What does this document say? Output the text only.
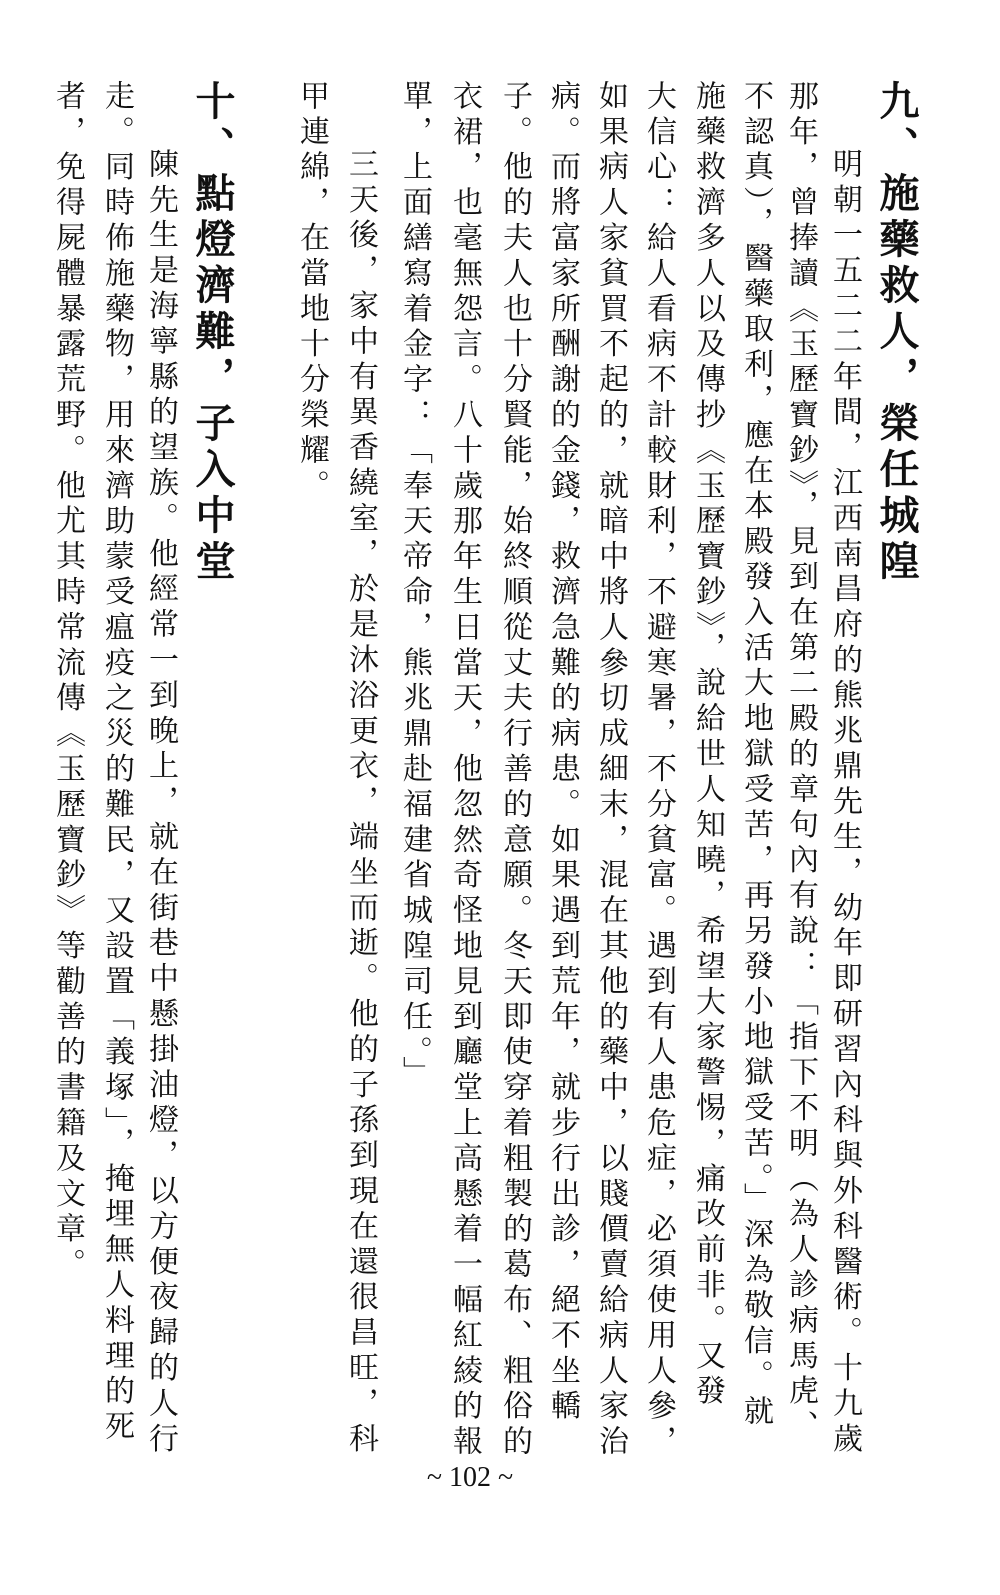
九、施藥救人，榮任城隍
明朝一五二二年間，江西南昌府的熊兆鼎先生，幼年即研習內科與外科醫術。十九歲
那年，曾捧讀《玉歷寶鈔》，見到在第二殿的章句內有說：「指下不明（為人診病馬虎、
不認真），醫藥取利，應在本殿發入活大地獄受苦，再另發小地獄受苦。」深為敬信。就
施藥救濟多人以及傳抄《玉歷寶鈔》，說給世人知曉，希望大家警惕，痛改前非。又發
大信心：給人看病不計較財利，不避寒暑，不分貧富。遇到有人患危症，必須使用人參，
如果病人家貧買不起的，就暗中將人參切成細末，混在其他的藥中，以賤價賣給病人家治
病。而將富家所酬謝的金錢，救濟急難的病患。如果遇到荒年，就步行出診，絕不坐轎
子。他的夫人也十分賢能，始終順從丈夫行善的意願。冬天即使穿着粗製的葛布、粗俗的
衣裙，也毫無怨言。八十歲那年生日當天，他忽然奇怪地見到廳堂上高懸着一幅紅綾的報
單，上面繕寫着金字：「奉天帝命，熊兆鼎赴福建省城隍司任。」
三天後，家中有異香繞室，於是沐浴更衣，端坐而逝。他的子孫到現在還很昌旺，科
甲連綿，在當地十分榮耀。
十、點燈濟難，子入中堂
陳先生是海寧縣的望族。他經常一到晚上，就在街巷中懸掛油燈，以方便夜歸的人行
走。同時佈施藥物，用來濟助蒙受瘟疫之災的難民，又設置「義塚」，掩埋無人料理的死
者，免得屍體暴露荒野。他尤其時常流傳《玉歷寶鈔》等勸善的書籍及文章。
~ 102 ~
